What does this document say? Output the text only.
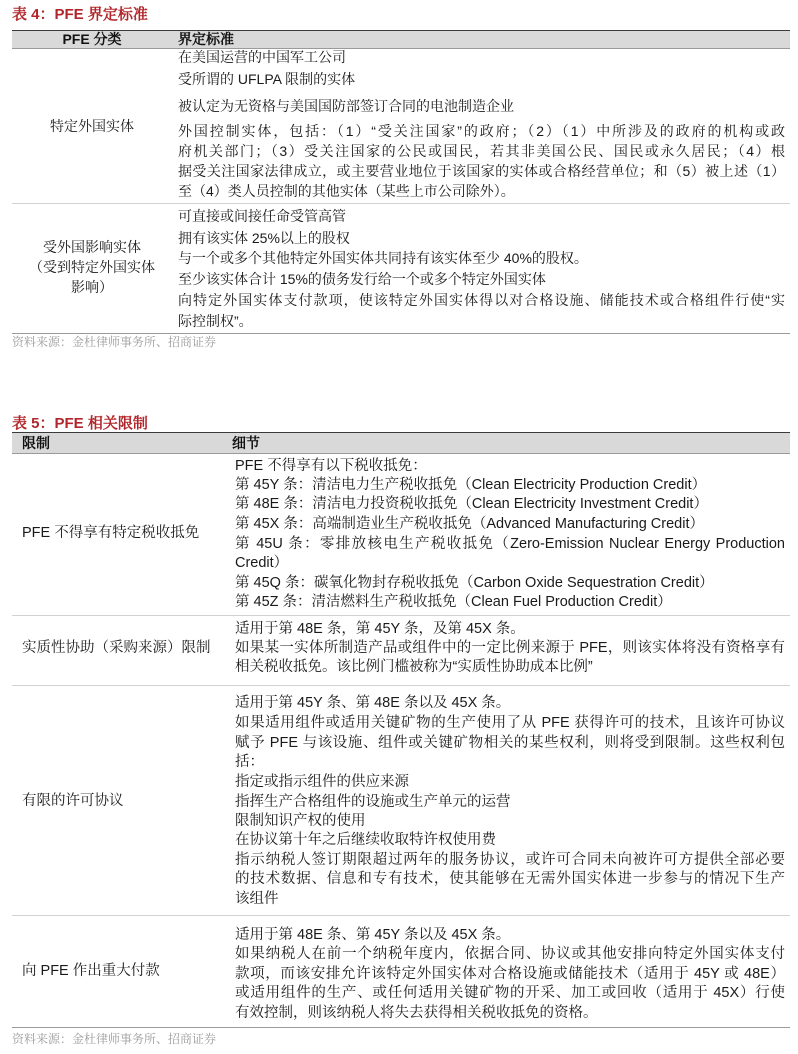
表 4：PFE 界定标准
PFE 分类	界定标准
特定外国实体
在美国运营的中国军工公司
受所谓的 UFLPA 限制的实体
被认定为无资格与美国国防部签订合同的电池制造企业
外国控制实体，包括：（1）“受关注国家”的政府；（2）（1）中所涉及的政府的机构或政
府机关部门；（3）受关注国家的公民或国民，若其非美国公民、国民或永久居民；（4）根
据受关注国家法律成立，或主要营业地位于该国家的实体或合格经营单位；和（5）被上述（1）
至（4）类人员控制的其他实体（某些上市公司除外）。
受外国影响实体
（受到特定外国实体
影响）
可直接或间接任命受管高管
拥有该实体 25%以上的股权
与一个或多个其他特定外国实体共同持有该实体至少 40%的股权。
至少该实体合计 15%的债务发行给一个或多个特定外国实体
向特定外国实体支付款项，使该特定外国实体得以对合格设施、储能技术或合格组件行使“实
际控制权”。
资料来源：金杜律师事务所、招商证券
表 5：PFE 相关限制
限制	细节
PFE 不得享有特定税收抵免
PFE 不得享有以下税收抵免：
第 45Y 条：清洁电力生产税收抵免（Clean Electricity Production Credit）
第 48E 条：清洁电力投资税收抵免（Clean Electricity Investment Credit）
第 45X 条：高端制造业生产税收抵免（Advanced Manufacturing Credit）
第 45U 条：零排放核电生产税收抵免（Zero-Emission Nuclear Energy Production
Credit）
第 45Q 条：碳氧化物封存税收抵免（Carbon Oxide Sequestration Credit）
第 45Z 条：清洁燃料生产税收抵免（Clean Fuel Production Credit）
实质性协助（采购来源）限制
适用于第 48E 条，第 45Y 条，及第 45X 条。
如果某一实体所制造产品或组件中的一定比例来源于 PFE，则该实体将没有资格享有
相关税收抵免。该比例门槛被称为“实质性协助成本比例”
有限的许可协议
适用于第 45Y 条、第 48E 条以及 45X 条。
如果适用组件或适用关键矿物的生产使用了从 PFE 获得许可的技术，且该许可协议
赋予 PFE 与该设施、组件或关键矿物相关的某些权利，则将受到限制。这些权利包
括：
指定或指示组件的供应来源
指挥生产合格组件的设施或生产单元的运营
限制知识产权的使用
在协议第十年之后继续收取特许权使用费
指示纳税人签订期限超过两年的服务协议，或许可合同未向被许可方提供全部必要
的技术数据、信息和专有技术，使其能够在无需外国实体进一步参与的情况下生产
该组件
向 PFE 作出重大付款
适用于第 48E 条、第 45Y 条以及 45X 条。
如果纳税人在前一个纳税年度内，依据合同、协议或其他安排向特定外国实体支付
款项，而该安排允许该特定外国实体对合格设施或储能技术（适用于 45Y 或 48E）
或适用组件的生产、或任何适用关键矿物的开采、加工或回收（适用于 45X）行使
有效控制，则该纳税人将失去获得相关税收抵免的资格。
资料来源：金杜律师事务所、招商证券
